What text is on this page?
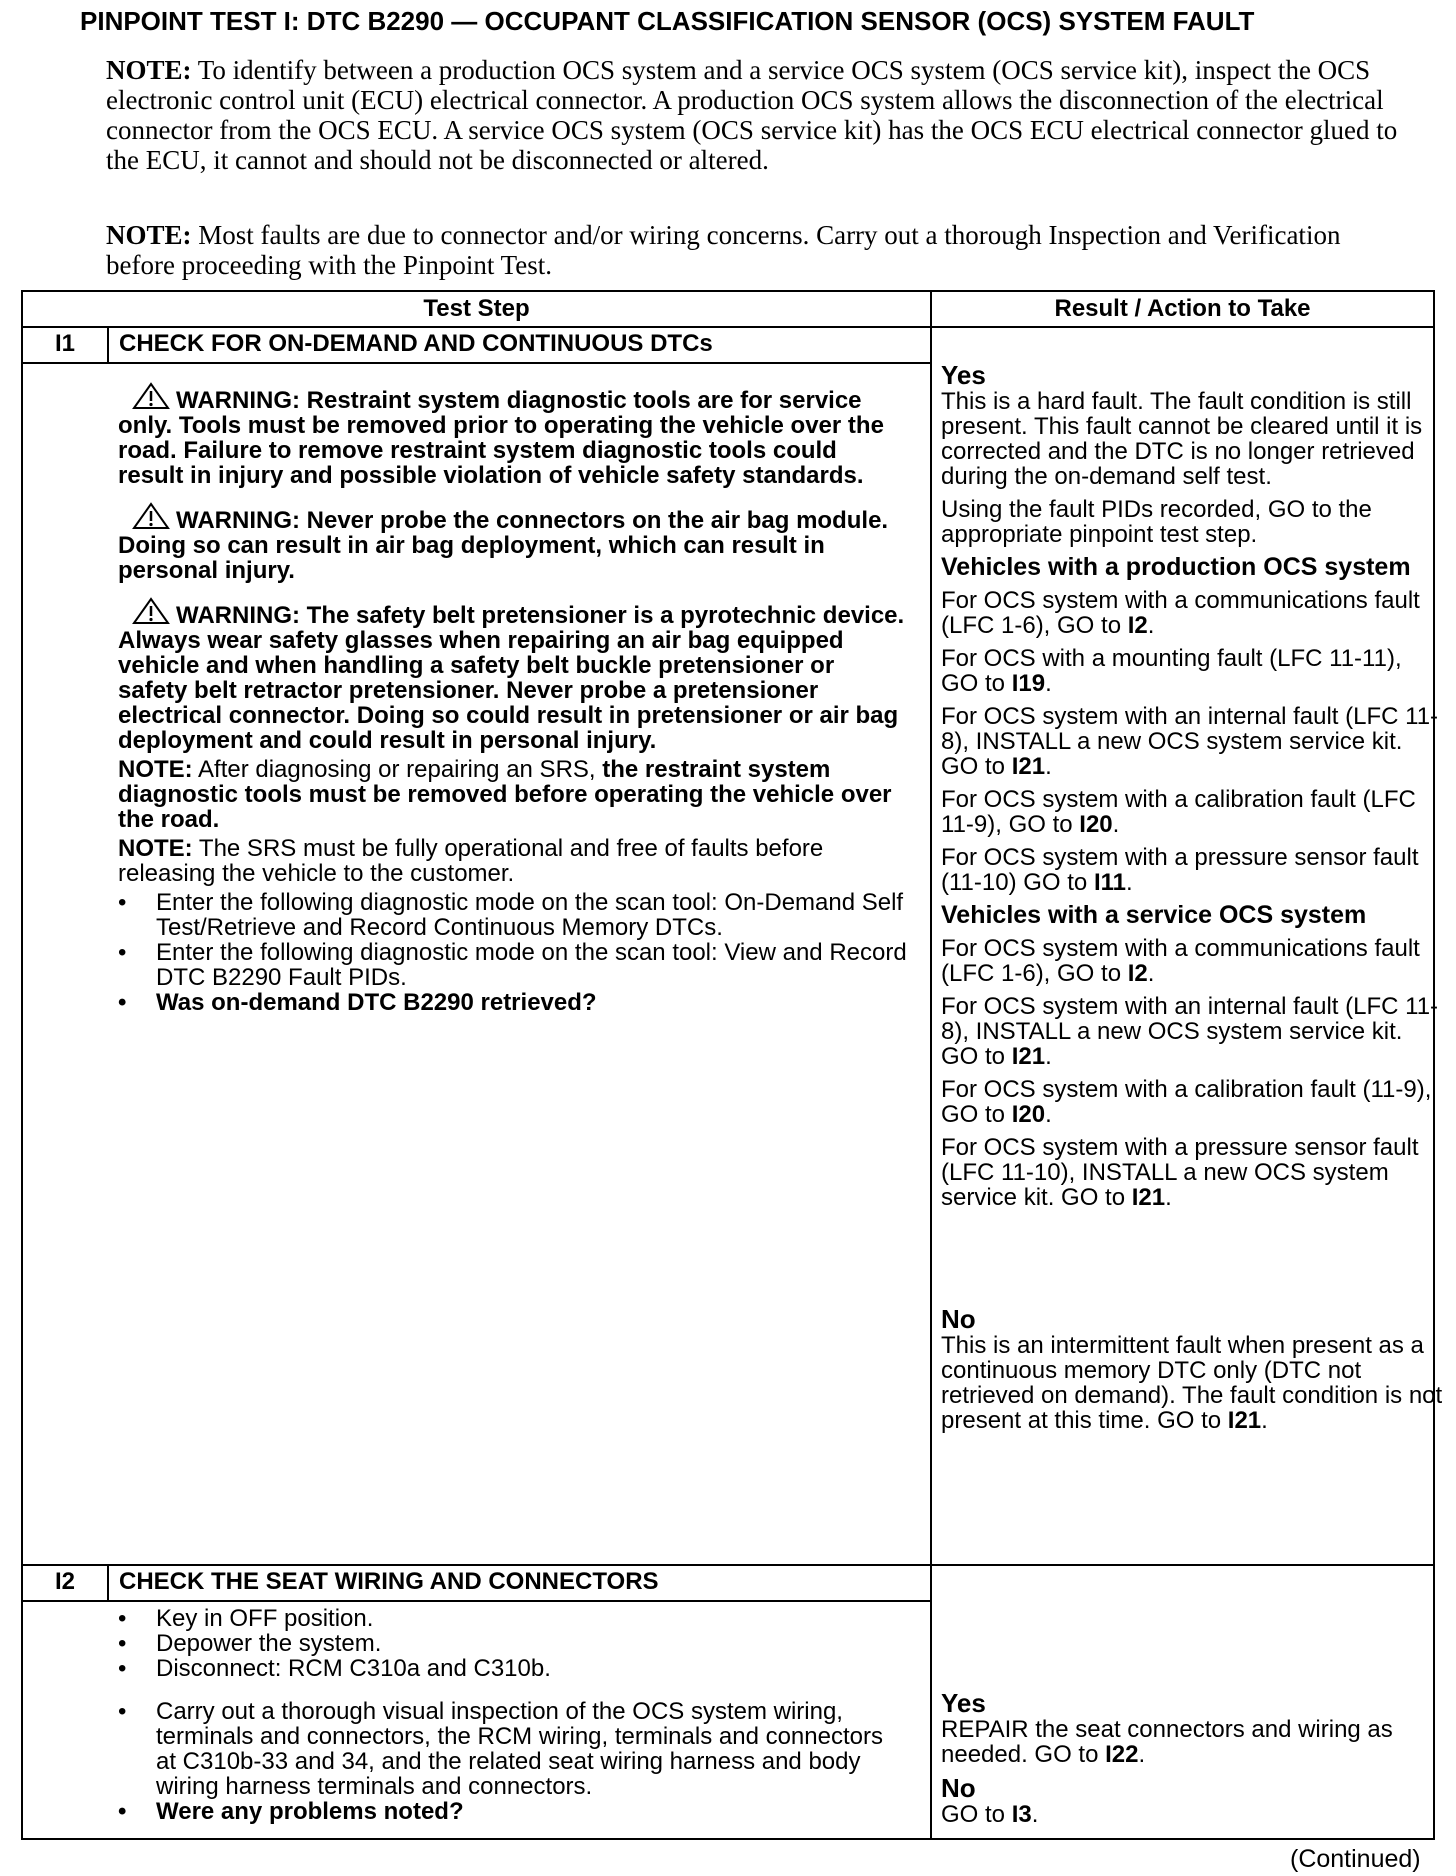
PINPOINT TEST I: DTC B2290 — OCCUPANT CLASSIFICATION SENSOR (OCS) SYSTEM FAULT
NOTE: To identify between a production OCS system and a service OCS system (OCS service kit), inspect the OCS electronic control unit (ECU) electrical connector. A production OCS system allows the disconnection of the electrical connector from the OCS ECU. A service OCS system (OCS service kit) has the OCS ECU electrical connector glued to the ECU, it cannot and should not be disconnected or altered.
NOTE: Most faults are due to connector and/or wiring concerns. Carry out a thorough Inspection and Verification before proceeding with the Pinpoint Test.
Test Step	Result / Action to Take
I1	CHECK FOR ON-DEMAND AND CONTINUOUS DTCs

WARNING: Restraint system diagnostic tools are for service only. Tools must be removed prior to operating the vehicle over the road. Failure to remove restraint system diagnostic tools could result in injury and possible violation of vehicle safety standards.

WARNING: Never probe the connectors on the air bag module. Doing so can result in air bag deployment, which can result in personal injury.

WARNING: The safety belt pretensioner is a pyrotechnic device. Always wear safety glasses when repairing an air bag equipped vehicle and when handling a safety belt buckle pretensioner or safety belt retractor pretensioner. Never probe a pretensioner electrical connector. Doing so could result in pretensioner or air bag deployment and could result in personal injury.

NOTE: After diagnosing or repairing an SRS, the restraint system diagnostic tools must be removed before operating the vehicle over the road.

NOTE: The SRS must be fully operational and free of faults before releasing the vehicle to the customer.

• Enter the following diagnostic mode on the scan tool: On-Demand Self Test/Retrieve and Record Continuous Memory DTCs.
• Enter the following diagnostic mode on the scan tool: View and Record DTC B2290 Fault PIDs.
• Was on-demand DTC B2290 retrieved?
Yes

This is a hard fault. The fault condition is still present. This fault cannot be cleared until it is corrected and the DTC is no longer retrieved during the on-demand self test.

Using the fault PIDs recorded, GO to the appropriate pinpoint test step.

Vehicles with a production OCS system

For OCS system with a communications fault (LFC 1-6), GO to I2.

For OCS with a mounting fault (LFC 11-11), GO to I19.

For OCS system with an internal fault (LFC 11-8), INSTALL a new OCS system service kit. GO to I21.

For OCS system with a calibration fault (LFC 11-9), GO to I20.

For OCS system with a pressure sensor fault (11-10) GO to I11.

Vehicles with a service OCS system

For OCS system with a communications fault (LFC 1-6), GO to I2.

For OCS system with an internal fault (LFC 11-8), INSTALL a new OCS system service kit. GO to I21.

For OCS system with a calibration fault (11-9), GO to I20.

For OCS system with a pressure sensor fault (LFC 11-10), INSTALL a new OCS system service kit. GO to I21.

No

This is an intermittent fault when present as a continuous memory DTC only (DTC not retrieved on demand). The fault condition is not present at this time. GO to I21.

I2	CHECK THE SEAT WIRING AND CONNECTORS
• Key in OFF position.
• Depower the system.
• Disconnect: RCM C310a and C310b.
• Carry out a thorough visual inspection of the OCS system wiring, terminals and connectors, the RCM wiring, terminals and connectors at C310b-33 and 34, and the related seat wiring harness and body wiring harness terminals and connectors.
• Were any problems noted?
Yes

REPAIR the seat connectors and wiring as needed. GO to I22.

No

GO to I3.

(Continued)
